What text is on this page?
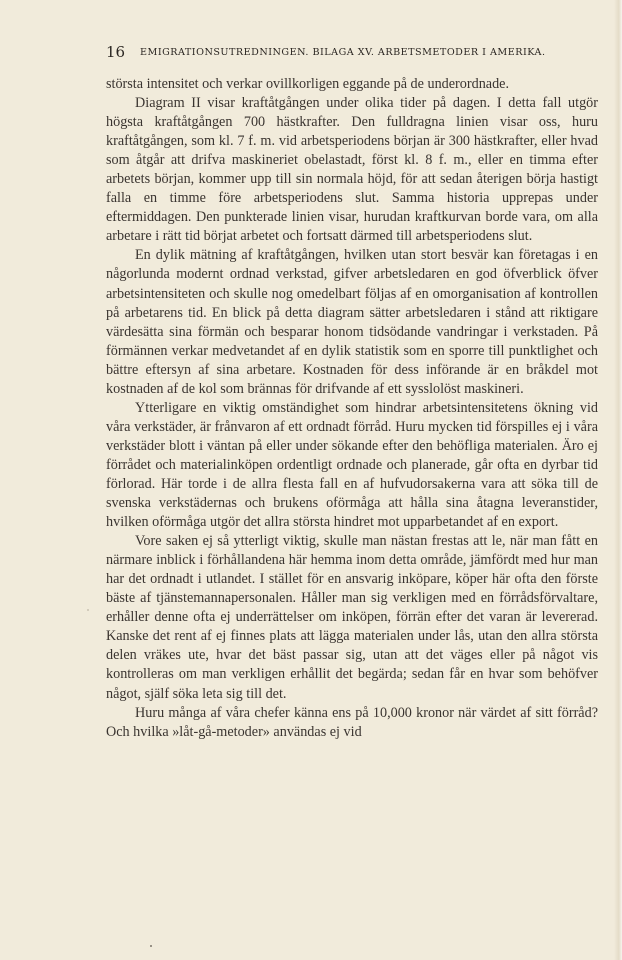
16 EMIGRATIONSUTREDNINGEN. BILAGA XV. ARBETSMETODER I AMERIKA.

största intensitet och verkar ovillkorligen eggande på de underordnade.

Diagram II visar kraftåtgången under olika tider på dagen. I detta fall utgör högsta kraftåtgången 700 hästkrafter. Den fulldragna linien visar oss, huru kraftåtgången, som kl. 7 f. m. vid arbetsperiodens början är 300 hästkrafter, eller hvad som åtgår att drifva maskineriet obelastadt, först kl. 8 f. m., eller en timma efter arbetets början, kommer upp till sin normala höjd, för att sedan återigen börja hastigt falla en timme före arbetsperiodens slut. Samma historia upprepas under eftermiddagen. Den punkterade linien visar, hurudan kraftkurvan borde vara, om alla arbetare i rätt tid börjat arbetet och fortsatt därmed till arbetsperiodens slut.

En dylik mätning af kraftåtgången, hvilken utan stort besvär kan företagas i en någorlunda modernt ordnad verkstad, gifver arbetsledaren en god öfverblick öfver arbetsintensiteten och skulle nog omedelbart följas af en omorganisation af kontrollen på arbetarens tid. En blick på detta diagram sätter arbetsledaren i stånd att riktigare värdesätta sina förmän och besparar honom tidsödande vandringar i verkstaden. På förmännen verkar medvetandet af en dylik statistik som en sporre till punktlighet och bättre eftersyn af sina arbetare. Kostnaden för dess införande är en bråkdel mot kostnaden af de kol som brännas för drifvande af ett sysslolöst maskineri.

Ytterligare en viktig omständighet som hindrar arbetsintensitetens ökning vid våra verkstäder, är frånvaron af ett ordnadt förråd. Huru mycken tid förspilles ej i våra verkstäder blott i väntan på eller under sökande efter den behöfliga materialen. Äro ej förrådet och materialinköpen ordentligt ordnade och planerade, går ofta en dyrbar tid förlorad. Här torde i de allra flesta fall en af hufvudorsakerna vara att söka till de svenska verkstädernas och brukens oförmåga att hålla sina åtagna leveranstider, hvilken oförmåga utgör det allra största hindret mot upparbetandet af en export.

Vore saken ej så ytterligt viktig, skulle man nästan frestas att le, när man fått en närmare inblick i förhållandena här hemma inom detta område, jämfördt med hur man har det ordnadt i utlandet. I stället för en ansvarig inköpare, köper här ofta den förste bäste af tjänstemannapersonalen. Håller man sig verkligen med en förrådsförvaltare, erhåller denne ofta ej underrättelser om inköpen, förrän efter det varan är levererad. Kanske det rent af ej finnes plats att lägga materialen under lås, utan den allra största delen vräkes ute, hvar det bäst passar sig, utan att det väges eller på något vis kontrolleras om man verkligen erhållit det begärda; sedan får en hvar som behöfver något, själf söka leta sig till det.

Huru många af våra chefer känna ens på 10,000 kronor när värdet af sitt förråd? Och hvilka »låt-gå-metoder» användas ej vid
